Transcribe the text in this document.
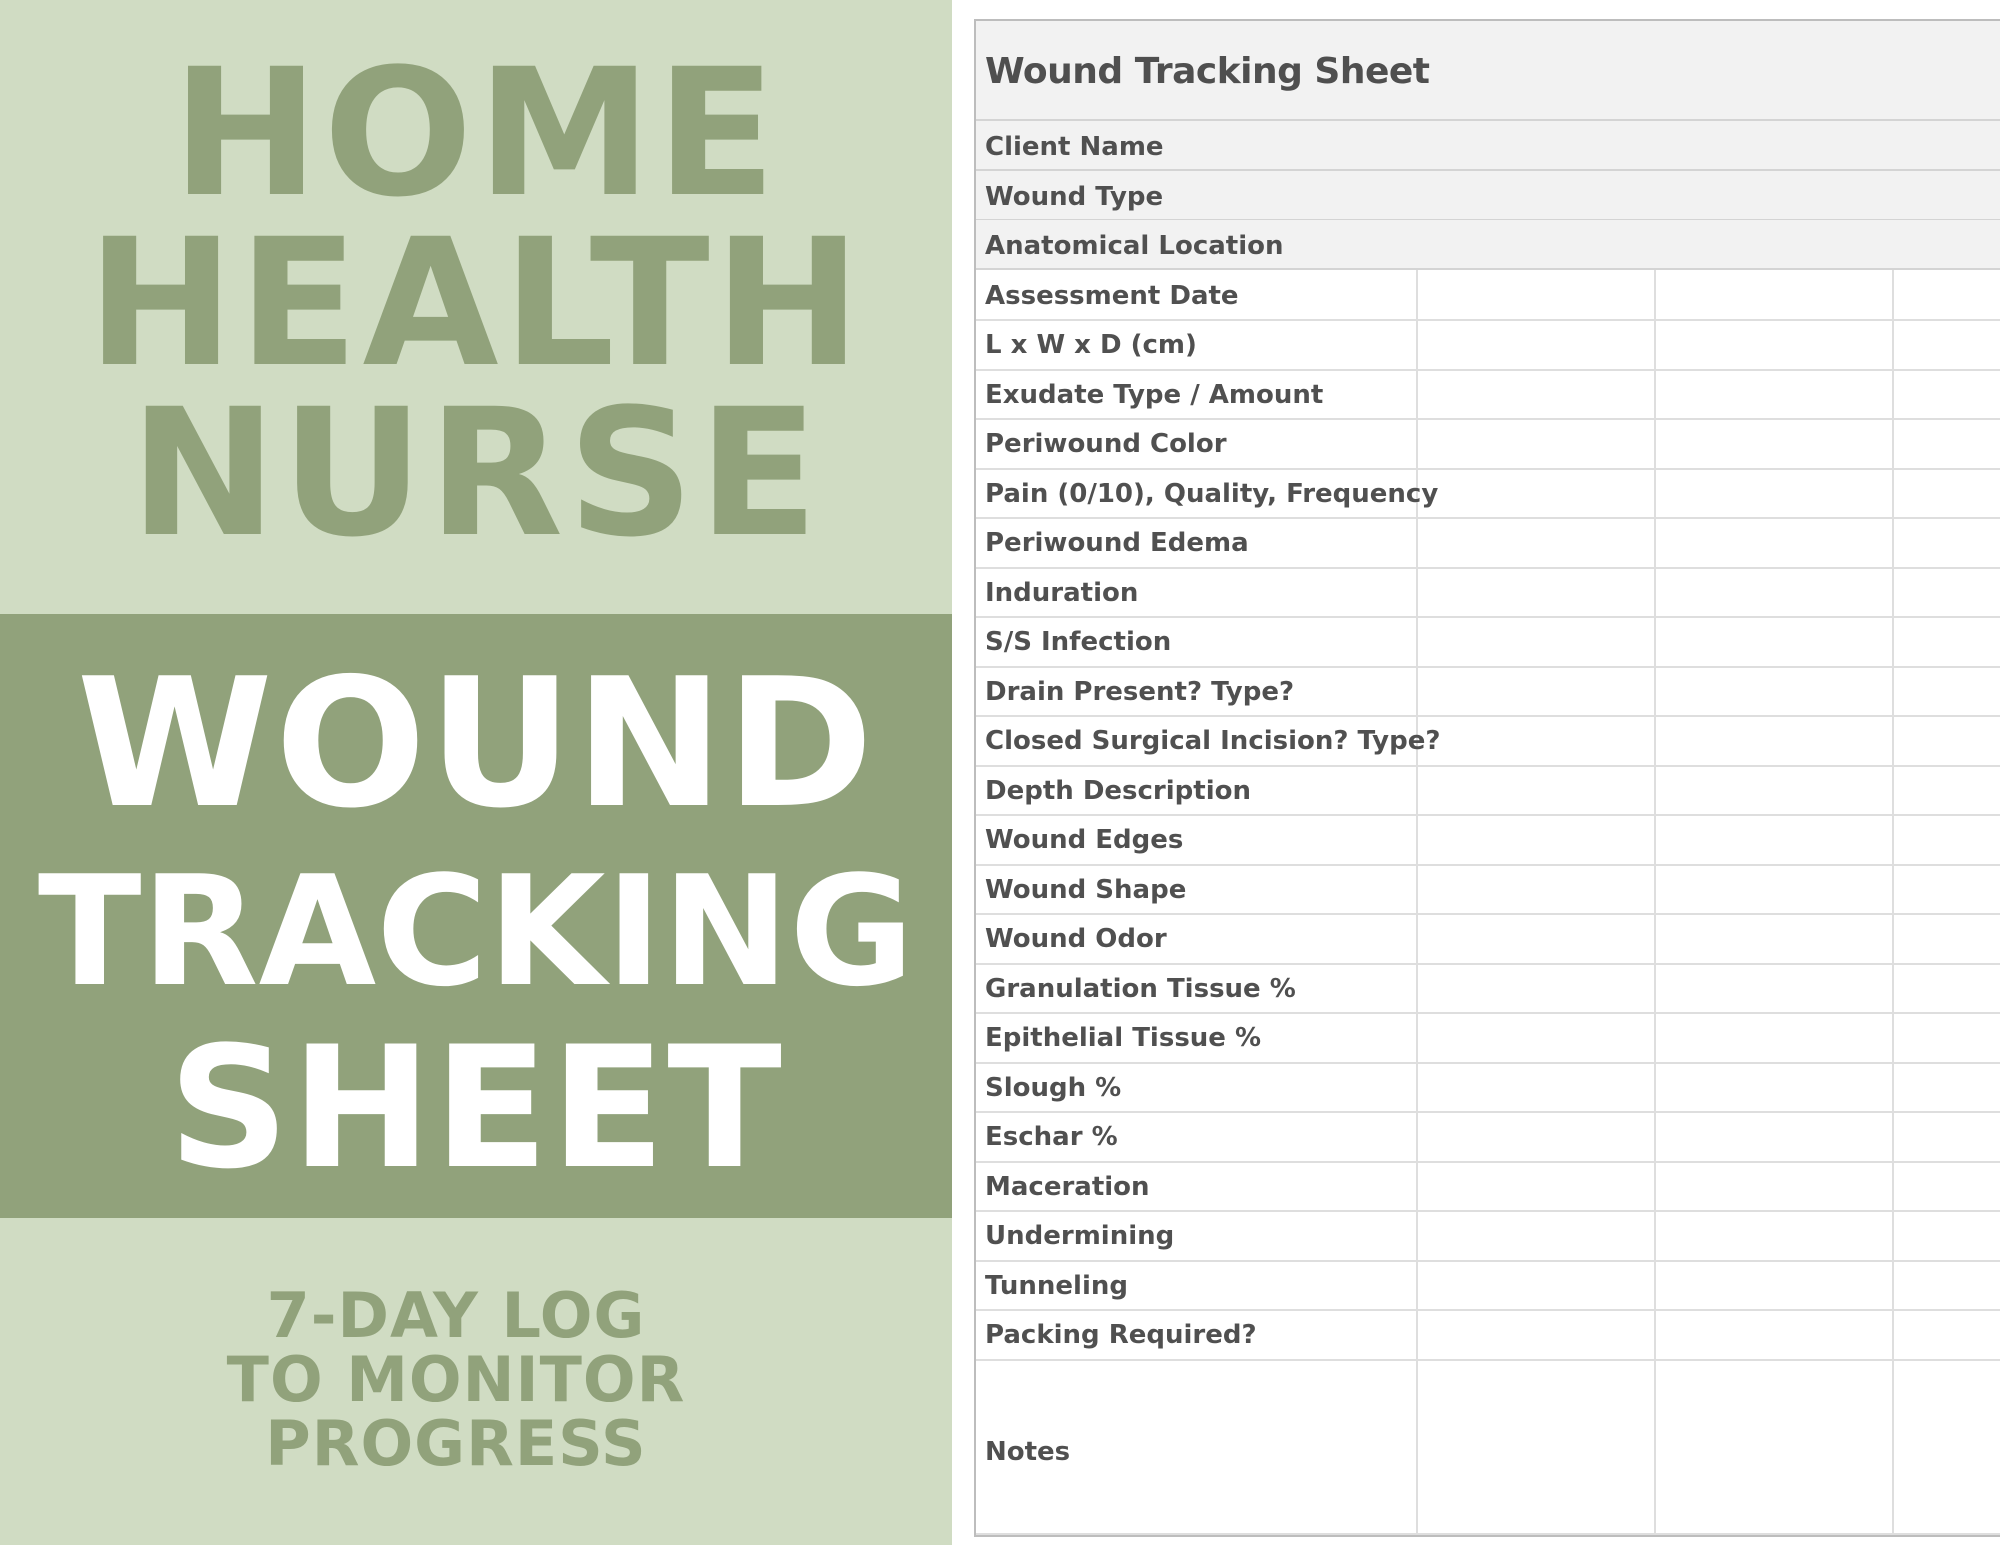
HOME
HEALTH
NURSE
WOUND
TRACKING
SHEET
7-DAY LOG
TO MONITOR
PROGRESS
Wound Tracking Sheet
Client Name
Wound Type
Anatomical Location
Assessment Date
L x W x D (cm)
Exudate Type / Amount
Periwound Color
Pain (0/10), Quality, Frequency
Periwound Edema
Induration
S/S Infection
Drain Present? Type?
Closed Surgical Incision? Type?
Depth Description
Wound Edges
Wound Shape
Wound Odor
Granulation Tissue %
Epithelial Tissue %
Slough %
Eschar %
Maceration
Undermining
Tunneling
Packing Required?
Notes
